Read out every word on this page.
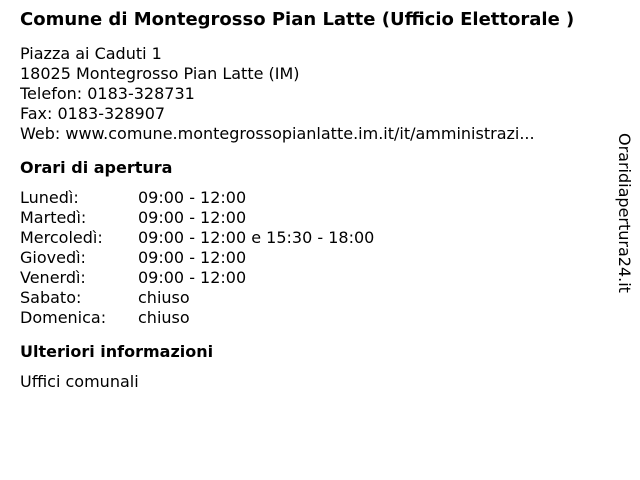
Comune di Montegrosso Pian Latte (Ufficio Elettorale )
Piazza ai Caduti 1
18025 Montegrosso Pian Latte (IM)
Telefon: 0183-328731
Fax: 0183-328907
Web: www.comune.montegrossopianlatte.im.it/it/amministrazi...
Orari di apertura
Lunedì:	09:00 - 12:00
Martedì:	09:00 - 12:00
Mercoledì:	09:00 - 12:00 e 15:30 - 18:00
Giovedì:	09:00 - 12:00
Venerdì:	09:00 - 12:00
Sabato:	chiuso
Domenica:	chiuso
Ulteriori informazioni
Uffici comunali
Oraridiapertura24.it
